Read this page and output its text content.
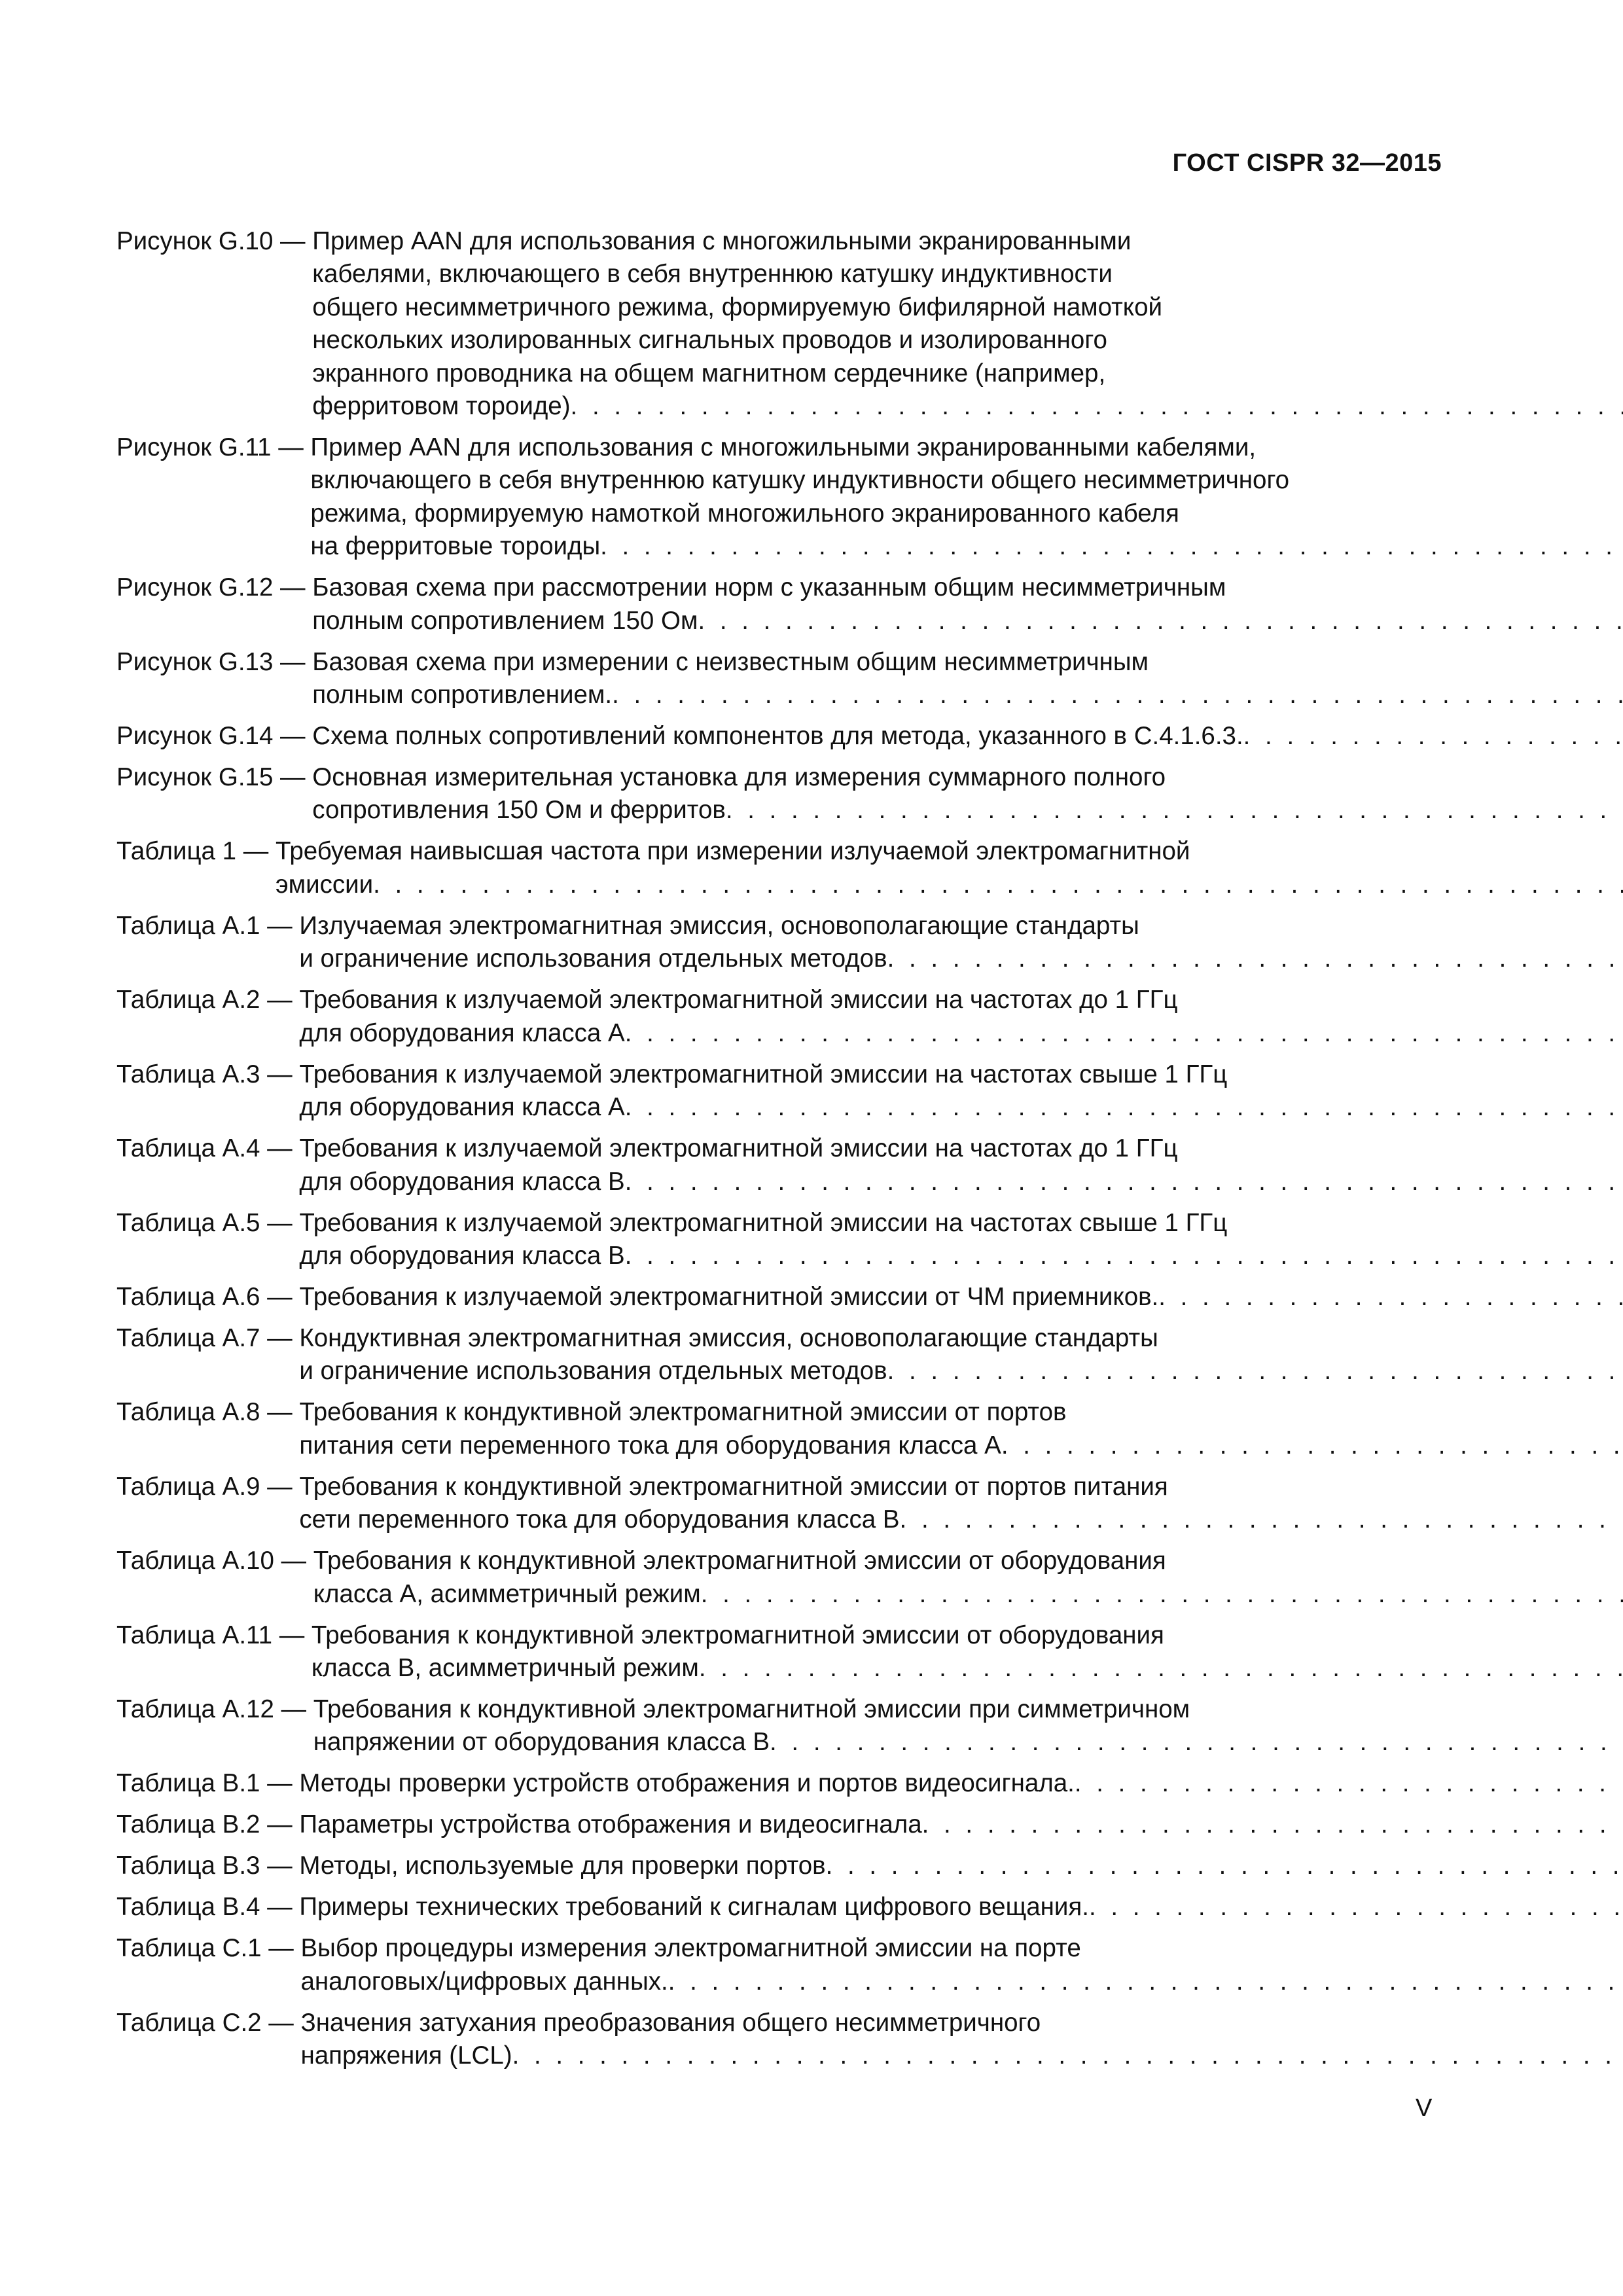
ГОСТ CISPR 32—2015
Рисунок G.10 — Пример AAN для использования с многожильными экранированными
кабелями, включающего в себя внутреннюю катушку индуктивности
общего несимметричного режима, формируемую бифилярной намоткой
нескольких изолированных сигнальных проводов и изолированного
экранного проводника на общем магнитном сердечнике (например,
ферритовом тороиде)
. . .
Рисунок G.11 — Пример AAN для использования с многожильными экранированными кабелями,
включающего в себя внутреннюю катушку индуктивности общего несимметричного
режима, формируемую намоткой многожильного экранированного кабеля
на ферритовые тороиды
. . .
Рисунок G.12 — Базовая схема при рассмотрении норм с указанным общим несимметричным
полным сопротивлением 150 Ом
. . .
Рисунок G.13 — Базовая схема при измерении с неизвестным общим несимметричным
полным сопротивлением.
. . .
Рисунок G.14 — Схема полных сопротивлений компонентов для метода, указанного в С.4.1.6.3.
. . .
Рисунок G.15 — Основная измерительная установка для измерения суммарного полного
сопротивления 150 Ом и ферритов
. . .
Таблица 1 — Требуемая наивысшая частота при измерении излучаемой электромагнитной
эмиссии
. . .
Таблица А.1 — Излучаемая электромагнитная эмиссия, основополагающие стандарты
и ограничение использования отдельных методов
. . .
Таблица А.2 — Требования к излучаемой электромагнитной эмиссии на частотах до 1 ГГц
для оборудования класса А
. . .
Таблица А.3 — Требования к излучаемой электромагнитной эмиссии на частотах свыше 1 ГГц
для оборудования класса А
. . .
Таблица А.4 — Требования к излучаемой электромагнитной эмиссии на частотах до 1 ГГц
для оборудования класса В
. . .
Таблица А.5 — Требования к излучаемой электромагнитной эмиссии на частотах свыше 1 ГГц
для оборудования класса В
. . .
Таблица А.6 — Требования к излучаемой электромагнитной эмиссии от ЧМ приемников.
. . .
Таблица А.7 — Кондуктивная электромагнитная эмиссия, основополагающие стандарты
и ограничение использования отдельных методов
. . .
Таблица А.8 — Требования к кондуктивной электромагнитной эмиссии от портов
питания сети переменного тока для оборудования класса А
. . .
Таблица А.9 — Требования к кондуктивной электромагнитной эмиссии от портов питания
сети переменного тока для оборудования класса В
. . .
Таблица А.10 — Требования к кондуктивной электромагнитной эмиссии от оборудования
класса А, асимметричный режим
. . .
Таблица А.11 — Требования к кондуктивной электромагнитной эмиссии от оборудования
класса В, асимметричный режим
. . .
Таблица А.12 — Требования к кондуктивной электромагнитной эмиссии при симметричном
напряжении от оборудования класса В
. . .
Таблица В.1 — Методы проверки устройств отображения и портов видеосигнала.
. . .
Таблица В.2 — Параметры устройства отображения и видеосигнала
. . .
Таблица В.3 — Методы, используемые для проверки портов
. . .
Таблица В.4 — Примеры технических требований к сигналам цифрового вещания.
. . .
Таблица С.1 — Выбор процедуры измерения электромагнитной эмиссии на порте
аналоговых/цифровых данных.
. . .
Таблица С.2 — Значения затухания преобразования общего несимметричного
напряжения (LCL)
. . .
V
